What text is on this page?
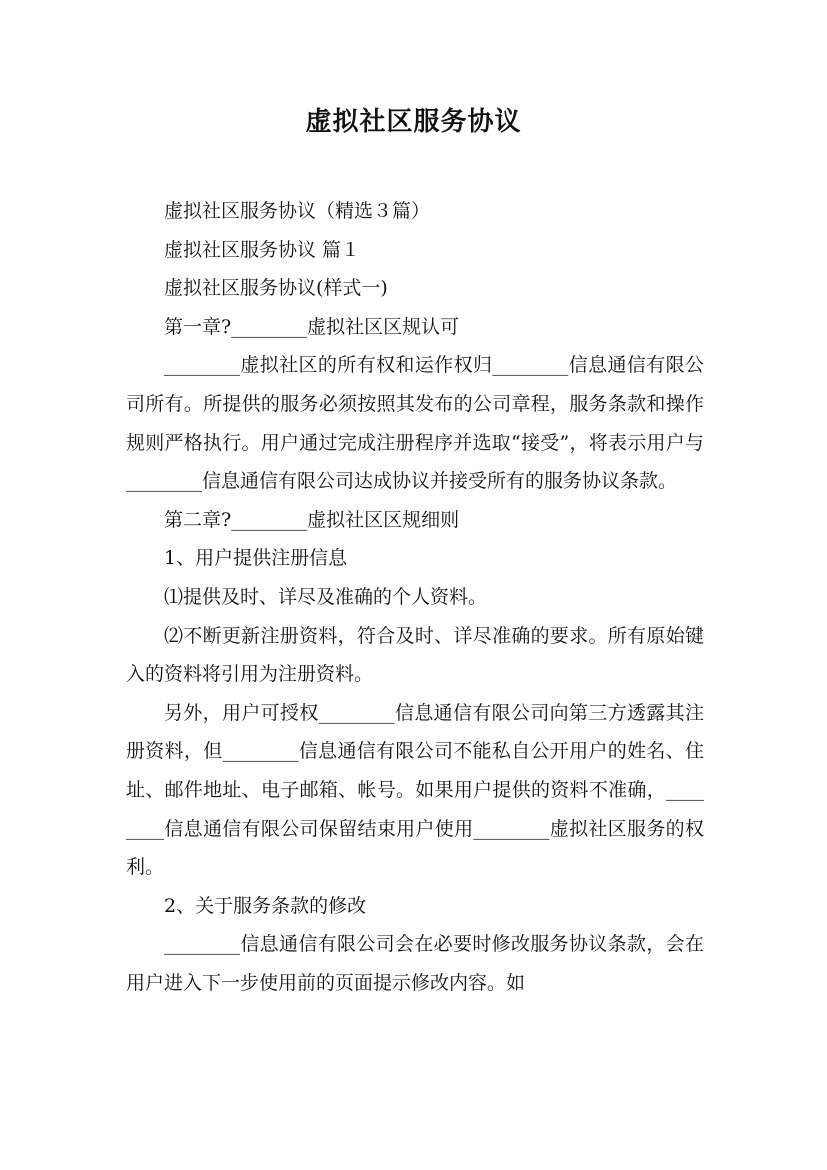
虚拟社区服务协议

虚拟社区服务协议（精选３篇）

虚拟社区服务协议 篇１

虚拟社区服务协议(样式一)

第一章?________虚拟社区区规认可

________虚拟社区的所有权和运作权归________信息通信有限公司所有。所提供的服务必须按照其发布的公司章程，服务条款和操作规则严格执行。用户通过完成注册程序并选取“接受”，将表示用户与________信息通信有限公司达成协议并接受所有的服务协议条款。

第二章?________虚拟社区区规细则

1、用户提供注册信息

⑴提供及时、详尽及准确的个人资料。

⑵不断更新注册资料，符合及时、详尽准确的要求。所有原始键入的资料将引用为注册资料。

另外，用户可授权________信息通信有限公司向第三方透露其注册资料，但________信息通信有限公司不能私自公开用户的姓名、住址、邮件地址、电子邮箱、帐号。如果用户提供的资料不准确，________信息通信有限公司保留结束用户使用________虚拟社区服务的权利。

2、关于服务条款的修改

________信息通信有限公司会在必要时修改服务协议条款，会在用户进入下一步使用前的页面提示修改内容。如
